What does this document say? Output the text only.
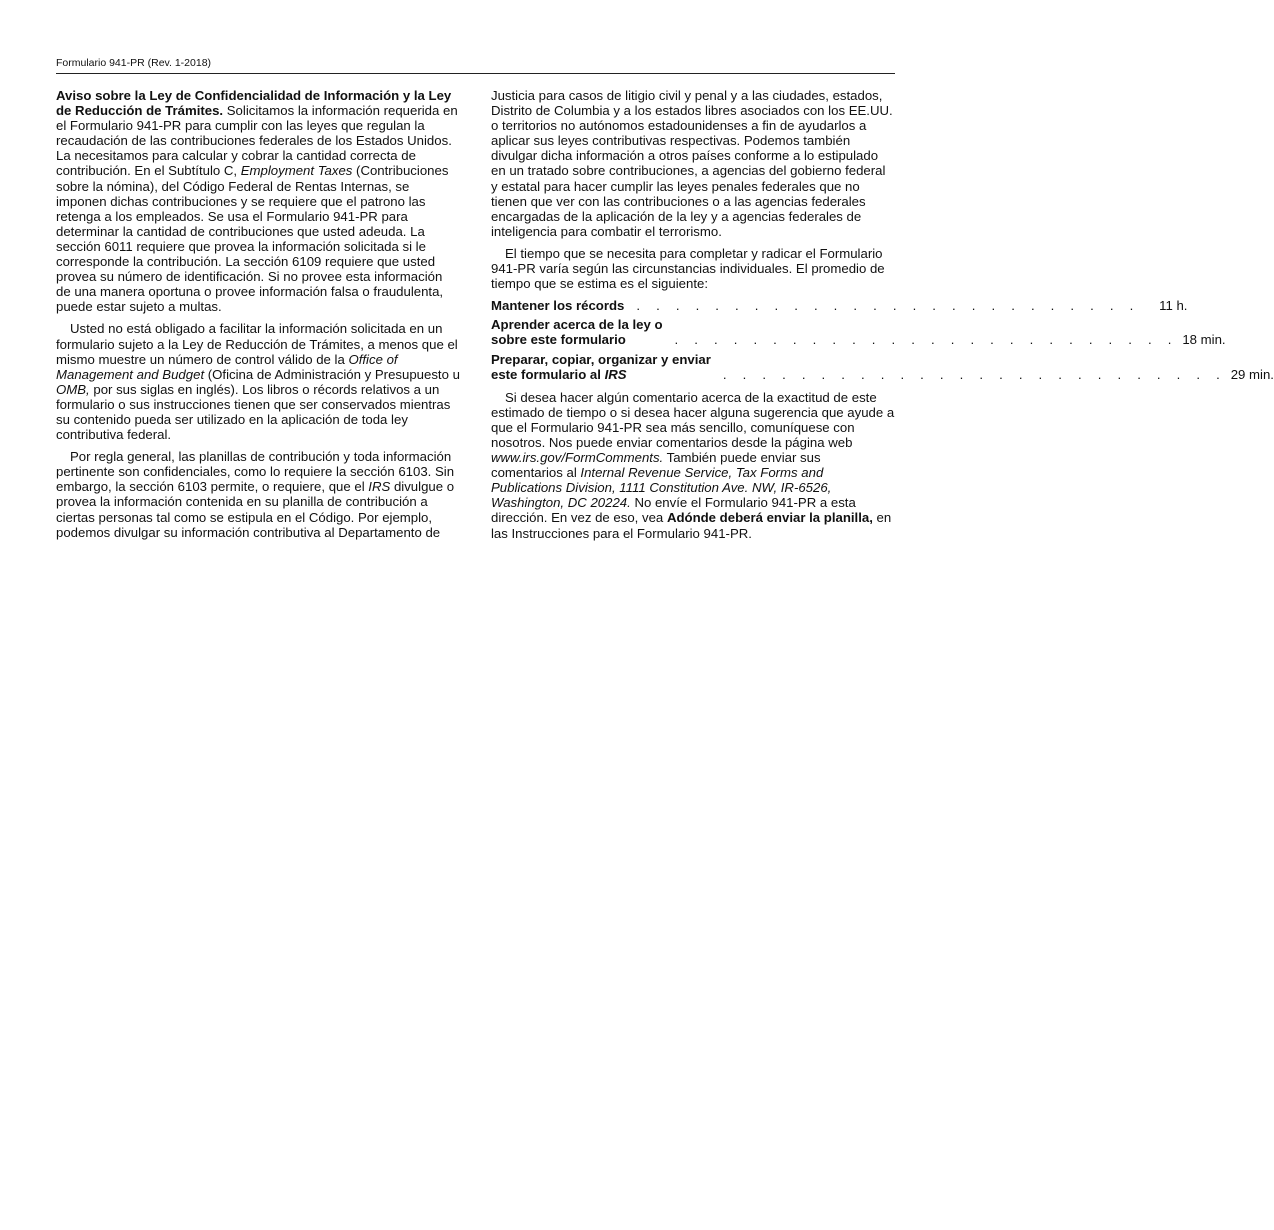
Formulario 941-PR (Rev. 1-2018)

Aviso sobre la Ley de Confidencialidad de Información y la Ley de Reducción de Trámites. Solicitamos la información requerida en el Formulario 941-PR para cumplir con las leyes que regulan la recaudación de las contribuciones federales de los Estados Unidos. La necesitamos para calcular y cobrar la cantidad correcta de contribución. En el Subtítulo C, Employment Taxes (Contribuciones sobre la nómina), del Código Federal de Rentas Internas, se imponen dichas contribuciones y se requiere que el patrono las retenga a los empleados. Se usa el Formulario 941-PR para determinar la cantidad de contribuciones que usted adeuda. La sección 6011 requiere que provea la información solicitada si le corresponde la contribución. La sección 6109 requiere que usted provea su número de identificación. Si no provee esta información de una manera oportuna o provee información falsa o fraudulenta, puede estar sujeto a multas.

Usted no está obligado a facilitar la información solicitada en un formulario sujeto a la Ley de Reducción de Trámites, a menos que el mismo muestre un número de control válido de la Office of Management and Budget (Oficina de Administración y Presupuesto u OMB, por sus siglas en inglés). Los libros o récords relativos a un formulario o sus instrucciones tienen que ser conservados mientras su contenido pueda ser utilizado en la aplicación de toda ley contributiva federal.

Por regla general, las planillas de contribución y toda información pertinente son confidenciales, como lo requiere la sección 6103. Sin embargo, la sección 6103 permite, o requiere, que el IRS divulgue o provea la información contenida en su planilla de contribución a ciertas personas tal como se estipula en el Código. Por ejemplo, podemos divulgar su información contributiva al Departamento de

Justicia para casos de litigio civil y penal y a las ciudades, estados, Distrito de Columbia y a los estados libres asociados con los EE.UU. o territorios no autónomos estadounidenses a fin de ayudarlos a aplicar sus leyes contributivas respectivas. Podemos también divulgar dicha información a otros países conforme a lo estipulado en un tratado sobre contribuciones, a agencias del gobierno federal y estatal para hacer cumplir las leyes penales federales que no tienen que ver con las contribuciones o a las agencias federales encargadas de la aplicación de la ley y a agencias federales de inteligencia para combatir el terrorismo.

El tiempo que se necesita para completar y radicar el Formulario 941-PR varía según las circunstancias individuales. El promedio de tiempo que se estima es el siguiente:

Mantener los récords . . . . . . . . . . . . . . . . . . . . . . . . . .	11 h.
Aprender acerca de la ley o
sobre este formulario	. . . . . . . . . . . . . . . . . . . . . . . . . . 18 min.
Preparar, copiar, organizar y enviar
este formulario al IRS	. . . . . . . . . . . . . . . . . . . . . . . . . . 29 min.

Si desea hacer algún comentario acerca de la exactitud de este estimado de tiempo o si desea hacer alguna sugerencia que ayude a que el Formulario 941-PR sea más sencillo, comuníquese con nosotros. Nos puede enviar comentarios desde la página web www.irs.gov/FormComments. También puede enviar sus comentarios al Internal Revenue Service, Tax Forms and Publications Division, 1111 Constitution Ave. NW, IR-6526, Washington, DC 20224. No envíe el Formulario 941-PR a esta dirección. En vez de eso, vea Adónde deberá enviar la planilla, en las Instrucciones para el Formulario 941-PR.
